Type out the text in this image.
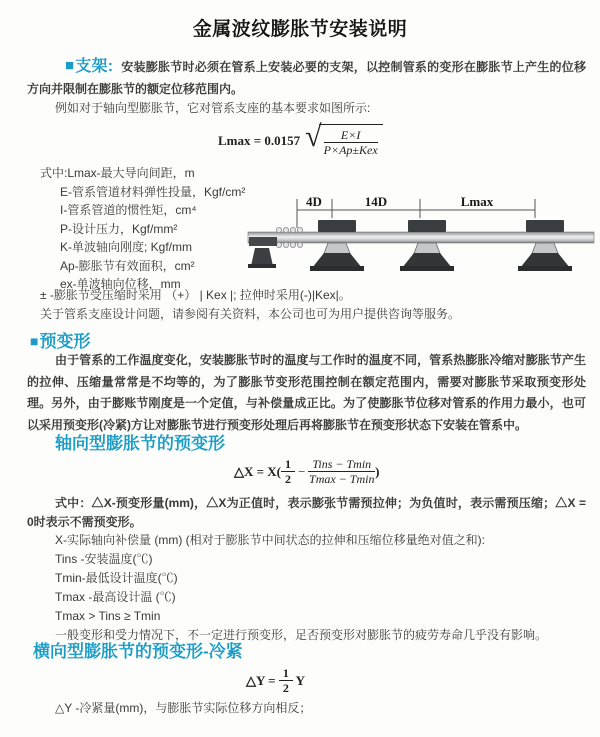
金属波纹膨胀节安装说明

■支架: 安装膨胀节时必须在管系上安装必要的支架，以控制管系的变形在膨胀节上产生的位移方向并限制在膨胀节的额定位移范围内。

例如对于轴向型膨胀节，它对管系支座的基本要求如图所示:

Lmax = 0.0157 √ $\frac{E\times I}{\text{P×Ap±Kex}}$
式中:Lmax-最大导向间距，m
E-管系管道材料弹性投量，Kgf/cm²
I-管系管道的惯性矩，cm⁴
P-设计压力，Kgf/mm²
K-单波轴向刚度; Kgf/mm
Ap-膨胀节有效面积，cm²
ex-单波轴向位移，mm
± -膨胀节受压缩时采用 （+） | Kex |; 拉伸时采用(-)|Kex|。
关于管系支座设计问题，请参阅有关资料，本公司也可为用户提供咨询等服务。
4D	14D	Lmax
■预变形

由于管系的工作温度变化，安装膨胀节时的温度与工作时的温度不同，管系热膨胀冷缩对膨胀节产生的拉伸、压缩量常常是不均等的，为了膨胀节变形范围控制在额定范围内，需要对膨胀节采取预变形处理。另外，由于膨账节刚度是一个定值，与补偿量成正比。为了使膨胀节位移对管系的作用力最小，也可以采用预变形(冷紧)方让对膨胀节进行预变形处理后再将膨胀节在预变形状态下安装在管系中。

轴向型膨胀节的预变形
△X = $X( \frac{1}{2} - \frac{\text{Tins − Tmin}}{Tmax - Tmin}$ )

式中：△X-预变形量(mm)，△X为正值时，表示膨张节需预拉伸；为负值时，表示需预压缩；△X = 0时表示不需预变形。

X-实际轴向补偿量 (mm) (相对于膨胀节中间状态的拉伸和压缩位移量绝对值之和):
Tins -安装温度(℃)
Tmin-最低设计温度(℃)
Tmax -最高设计温 (℃)
Tmax > Tins ≥ Tmin
一般变形和受力情况下，不一定进行预变形，足否预变形对膨胀节的疲劳寿命几乎没有影响。
横向型膨胀节的预变形-冷紧
△Y = $\frac{1}{2}$ Y
△Y -冷紧量(mm)，与膨胀节实际位移方向相反；
